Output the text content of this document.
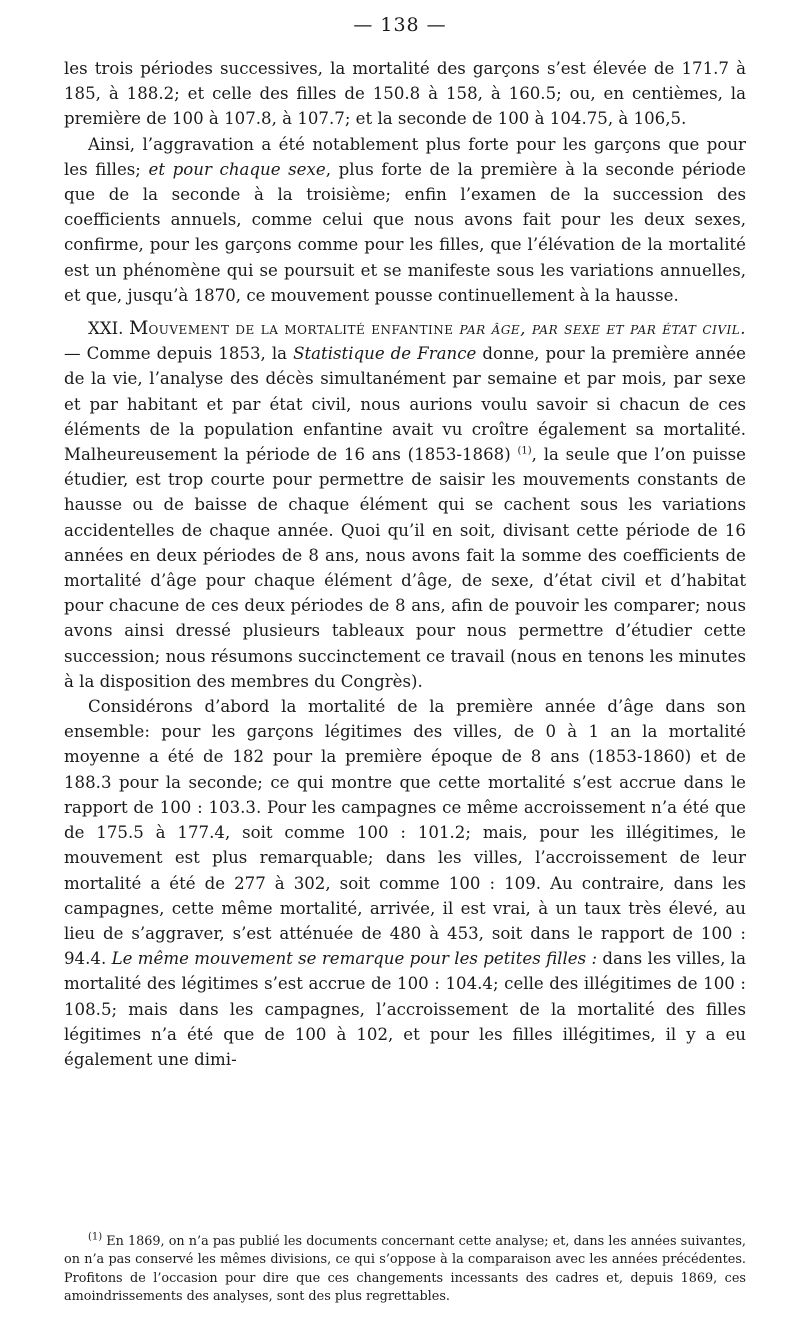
— 138 —

les trois périodes successives, la mortalité des garçons s’est élevée de 171.7 à 185, à 188.2; et celle des filles de 150.8 à 158, à 160.5; ou, en centièmes, la première de 100 à 107.8, à 107.7; et la seconde de 100 à 104.75, à 106,5.

Ainsi, l’aggravation a été notablement plus forte pour les garçons que pour les filles; et pour chaque sexe, plus forte de la première à la seconde période que de la seconde à la troisième; enfin l’examen de la succession des coefficients annuels, comme celui que nous avons fait pour les deux sexes, confirme, pour les garçons comme pour les filles, que l’élévation de la mortalité est un phénomène qui se poursuit et se manifeste sous les variations annuelles, et que, jusqu’à 1870, ce mouvement pousse continuellement à la hausse.

XXI. Mouvement de la mortalité enfantine par âge, par sexe et par état civil. — Comme depuis 1853, la Statistique de France donne, pour la première année de la vie, l’analyse des décès simultanément par semaine et par mois, par sexe et par habitant et par état civil, nous aurions voulu savoir si chacun de ces éléments de la population enfantine avait vu croître également sa mortalité. Malheureusement la période de 16 ans (1853-1868) $^{(1)}$, la seule que l’on puisse étudier, est trop courte pour permettre de saisir les mouvements constants de hausse ou de baisse de chaque élément qui se cachent sous les variations accidentelles de chaque année. Quoi qu’il en soit, divisant cette période de 16 années en deux périodes de 8 ans, nous avons fait la somme des coefficients de mortalité d’âge pour chaque élément d’âge, de sexe, d’état civil et d’habitat pour chacune de ces deux périodes de 8 ans, afin de pouvoir les comparer; nous avons ainsi dressé plusieurs tableaux pour nous permettre d’étudier cette succession; nous résumons succinctement ce travail (nous en tenons les minutes à la disposition des membres du Congrès).

Considérons d’abord la mortalité de la première année d’âge dans son ensemble: pour les garçons légitimes des villes, de 0 à 1 an la mortalité moyenne a été de 182 pour la première époque de 8 ans (1853-1860) et de 188.3 pour la seconde; ce qui montre que cette mortalité s’est accrue dans le rapport de 100 : 103.3. Pour les campagnes ce même accroissement n’a été que de 175.5 à 177.4, soit comme 100 : 101.2; mais, pour les illégitimes, le mouvement est plus remarquable; dans les villes, l’accroissement de leur mortalité a été de 277 à 302, soit comme 100 : 109. Au contraire, dans les campagnes, cette même mortalité, arrivée, il est vrai, à un taux très élevé, au lieu de s’aggraver, s’est atténuée de 480 à 453, soit dans le rapport de 100 : 94.4. Le même mouvement se remarque pour les petites filles : dans les villes, la mortalité des légitimes s’est accrue de 100 : 104.4; celle des illégitimes de 100 : 108.5; mais dans les campagnes, l’accroissement de la mortalité des filles légitimes n’a été que de 100 à 102, et pour les filles illégitimes, il y a eu également une dimi-

$^{(1)}$ En 1869, on n’a pas publié les documents concernant cette analyse; et, dans les années suivantes, on n’a pas conservé les mêmes divisions, ce qui s’oppose à la comparaison avec les années précédentes. Profitons de l’occasion pour dire que ces changements incessants des cadres et, depuis 1869, ces amoindrissements des analyses, sont des plus regrettables.
